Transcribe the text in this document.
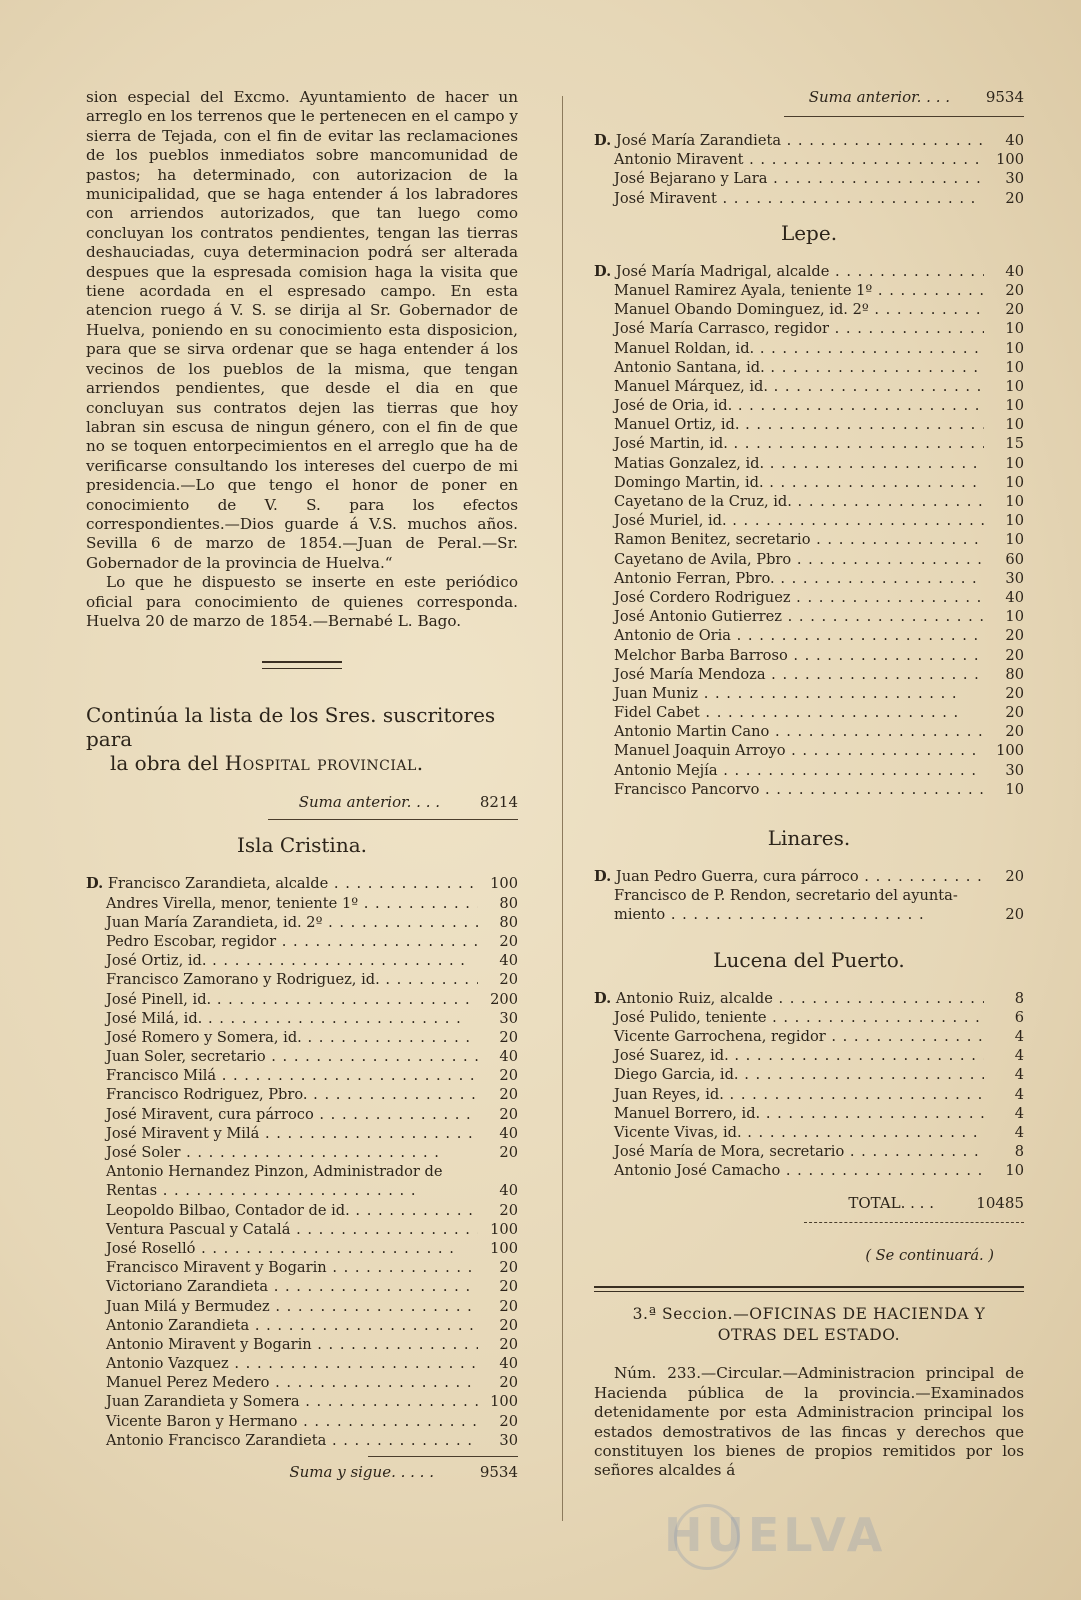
sion especial del Excmo. Ayuntamiento de hacer un arreglo en los terrenos que le pertenecen en el campo y sierra de Tejada, con el fin de evitar las reclamaciones de los pueblos inmediatos sobre mancomunidad de pastos; ha determinado, con autorizacion de la municipalidad, que se haga entender á los labradores con arriendos autorizados, que tan luego como concluyan los contratos pendientes, tengan las tierras deshauciadas, cuya determinacion podrá ser alterada despues que la espresada comision haga la visita que tiene acordada en el espresado campo. En esta atencion ruego á V. S. se dirija al Sr. Gobernador de Huelva, poniendo en su conocimiento esta disposicion, para que se sirva ordenar que se haga entender á los vecinos de los pueblos de la misma, que tengan arriendos pendientes, que desde el dia en que concluyan sus contratos dejen las tierras que hoy labran sin escusa de ningun género, con el fin de que no se toquen entorpecimientos en el arreglo que ha de verificarse consultando los intereses del cuerpo de mi presidencia.—Lo que tengo el honor de poner en conocimiento de V. S. para los efectos correspondientes.—Dios guarde á V.S. muchos años. Sevilla 6 de marzo de 1854.—Juan de Peral.—Sr. Gobernador de la provincia de Huelva.“

Lo que he dispuesto se inserte en este periódico oficial para conocimiento de quienes corresponda. Huelva 20 de marzo de 1854.—Bernabé L. Bago.

Continúa la lista de los Sres. suscritores para

la obra del Hospital provincial.

Suma anterior. . . .	8214
Isla Cristina.
D. Francisco Zarandieta, alcalde . .	100
Andres Virella, menor, teniente 1º . .	80
Juan María Zarandieta, id. 2º . .	80
Pedro Escobar, regidor . .	20
José Ortiz, id. . .	40
Francisco Zamorano y Rodriguez, id. . .	20
José Pinell, id. . .	200
José Milá, id. . .	30
José Romero y Somera, id. . .	20
Juan Soler, secretario . .	40
Francisco Milá . .	20
Francisco Rodriguez, Pbro. . .	20
José Miravent, cura párroco . .	20
José Miravent y Milá . .	40
José Soler . .	20
Antonio Hernandez Pinzon, Administrador de
Rentas . .	40
Leopoldo Bilbao, Contador de id. . .	20
Ventura Pascual y Catalá . .	100
José Roselló . .	100
Francisco Miravent y Bogarin . .	20
Victoriano Zarandieta . .	20
Juan Milá y Bermudez . .	20
Antonio Zarandieta . .	20
Antonio Miravent y Bogarin . .	20
Antonio Vazquez . .	40
Manuel Perez Medero . .	20
Juan Zarandieta y Somera . .	100
Vicente Baron y Hermano . .	20
Antonio Francisco Zarandieta . .	30
Suma y sigue. . . . .	9534
Suma anterior. . . .	9534
D. José María Zarandieta . .	40
Antonio Miravent . .	100
José Bejarano y Lara . .	30
José Miravent . .	20
Lepe.
D. José María Madrigal, alcalde . .	40
Manuel Ramirez Ayala, teniente 1º . .	20
Manuel Obando Dominguez, id. 2º . .	20
José María Carrasco, regidor . .	10
Manuel Roldan, id. . .	10
Antonio Santana, id. . .	10
Manuel Márquez, id. . .	10
José de Oria, id. . .	10
Manuel Ortiz, id. . .	10
José Martin, id. . .	15
Matias Gonzalez, id. . .	10
Domingo Martin, id. . .	10
Cayetano de la Cruz, id. . .	10
José Muriel, id. . .	10
Ramon Benitez, secretario . .	10
Cayetano de Avila, Pbro . .	60
Antonio Ferran, Pbro. . .	30
José Cordero Rodriguez . .	40
José Antonio Gutierrez . .	10
Antonio de Oria . .	20
Melchor Barba Barroso . .	20
José María Mendoza . .	80
Juan Muniz . .	20
Fidel Cabet . .	20
Antonio Martin Cano . .	20
Manuel Joaquin Arroyo . .	100
Antonio Mejía . .	30
Francisco Pancorvo . .	10
Linares.
D. Juan Pedro Guerra, cura párroco . .	20
Francisco de P. Rendon, secretario del ayunta-
miento . .	20
Lucena del Puerto.
D. Antonio Ruiz, alcalde . .	8
José Pulido, teniente . .	6
Vicente Garrochena, regidor . .	4
José Suarez, id. . .	4
Diego Garcia, id. . .	4
Juan Reyes, id. . .	4
Manuel Borrero, id. . .	4
Vicente Vivas, id. . .	4
José María de Mora, secretario . .	8
Antonio José Camacho . .	10
TOTAL. . . .	10485
( Se continuará. )
3.ª Seccion.—OFICINAS DE HACIENDA Y
OTRAS DEL ESTADO.

Núm. 233.—Circular.—Administracion principal de Hacienda pública de la provincia.—Examinados detenidamente por esta Administracion principal los estados demostrativos de las fincas y derechos que constituyen los bienes de propios remitidos por los señores alcaldes á

HUELVA
